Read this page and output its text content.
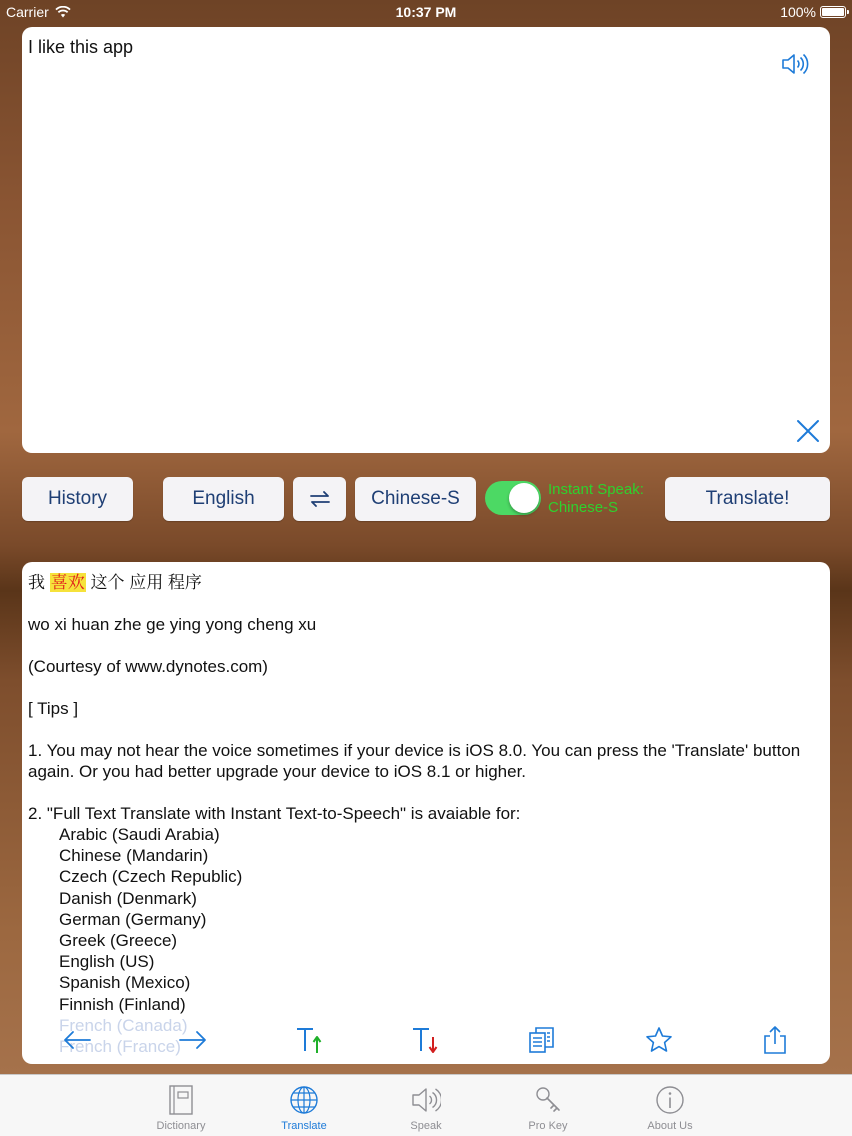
Carrier	10:37 PM	100%
I like this app
History	English	Chinese-S	Instant Speak:
Chinese-S	Translate!

我 喜欢 这个 应用 程序

wo xi huan zhe ge ying yong cheng xu

(Courtesy of www.dynotes.com)

[ Tips ]

1. You may not hear the voice sometimes if your device is iOS 8.0. You can press the 'Translate' button again. Or you had better upgrade your device to iOS 8.1 or higher.

2. "Full Text Translate with Instant Text-to-Speech" is avaiable for:
Arabic (Saudi Arabia)
Chinese (Mandarin)
Czech (Czech Republic)
Danish (Denmark)
German (Germany)
Greek (Greece)
English (US)
Spanish (Mexico)
Finnish (Finland)
French (Canada)
French (France)
Dictionary	Translate	Speak	Pro Key	About Us
